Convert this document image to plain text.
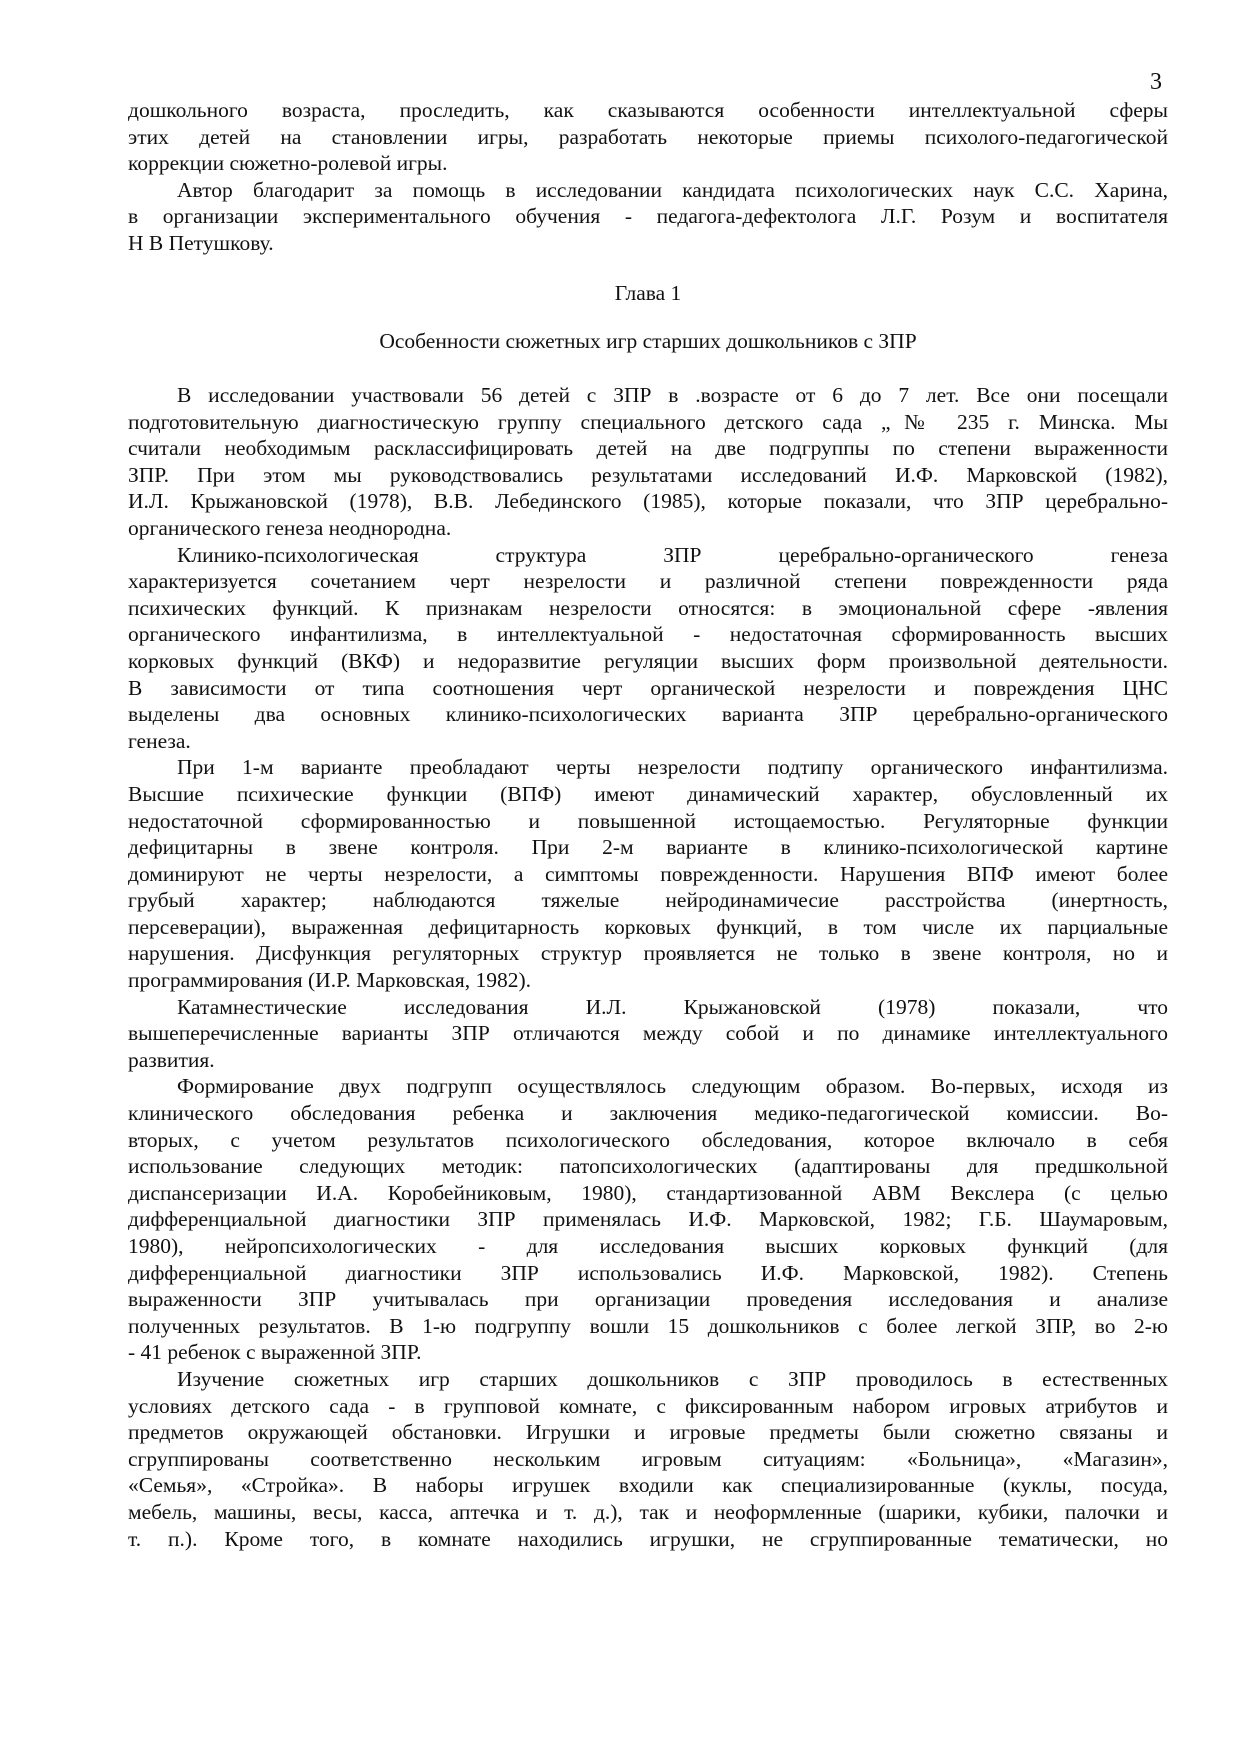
3
дошкольного возраста, проследить, как сказываются особенности интеллектуальной сферы
этих детей на становлении игры, разработать некоторые приемы психолого-педагогической
коррекции сюжетно-ролевой игры.
Автор благодарит за помощь в исследовании кандидата психологических наук С.С. Харина,
в организации экспериментального обучения - педагога-дефектолога Л.Г. Розум и воспитателя
Н В Петушкову.
Глава 1
Особенности сюжетных игр старших дошкольников с ЗПР
В исследовании участвовали 56 детей с ЗПР в .возрасте от 6 до 7 лет. Все они посещали
подготовительную диагностическую группу специального детского сада „№ 235 г. Минска. Мы
считали необходимым расклассифицировать детей на две подгруппы по степени выраженности
ЗПР. При этом мы руководствовались результатами исследований И.Ф. Марковской (1982),
И.Л. Крыжановской (1978), В.В. Лебединского (1985), которые показали, что ЗПР церебрально-
органического генеза неоднородна.
Клинико-психологическая структура ЗПР церебрально-органического генеза
характеризуется сочетанием черт незрелости и различной степени поврежденности ряда
психических функций. К признакам незрелости относятся: в эмоциональной сфере -явления
органического инфантилизма, в интеллектуальной - недостаточная сформированность высших
корковых функций (ВКФ) и недоразвитие регуляции высших форм произвольной деятельности.
В зависимости от типа соотношения черт органической незрелости и повреждения ЦНС
выделены два основных клинико-психологических варианта ЗПР церебрально-органического
генеза.
При 1-м варианте преобладают черты незрелости подтипу органического инфантилизма.
Высшие психические функции (ВПФ) имеют динамический характер, обусловленный их
недостаточной сформированностью и повышенной истощаемостью. Регуляторные функции
дефицитарны в звене контроля. При 2-м варианте в клинико-психологической картине
доминируют не черты незрелости, а симптомы поврежденности. Нарушения ВПФ имеют более
грубый характер; наблюдаются тяжелые нейродинамичесие расстройства (инертность,
персеверации), выраженная дефицитарность корковых функций, в том числе их парциальные
нарушения. Дисфункция регуляторных структур проявляется не только в звене контроля, но и
программирования (И.Р. Марковская, 1982).
Катамнестические исследования И.Л. Крыжановской (1978) показали, что
вышеперечисленные варианты ЗПР отличаются между собой и по динамике интеллектуального
развития.
Формирование двух подгрупп осуществлялось следующим образом. Во-первых, исходя из
клинического обследования ребенка и заключения медико-педагогической комиссии. Во-
вторых, с учетом результатов психологического обследования, которое включало в себя
использование следующих методик: патопсихологических (адаптированы для предшкольной
диспансеризации И.А. Коробейниковым, 1980), стандартизованной АВМ Векслера (с целью
дифференциальной диагностики ЗПР применялась И.Ф. Марковской, 1982; Г.Б. Шаумаровым,
1980), нейропсихологических - для исследования высших корковых функций (для
дифференциальной диагностики ЗПР использовались И.Ф. Марковской, 1982). Степень
выраженности ЗПР учитывалась при организации проведения исследования и анализе
полученных результатов. В 1-ю подгруппу вошли 15 дошкольников с более легкой ЗПР, во 2-ю
- 41 ребенок с выраженной ЗПР.
Изучение сюжетных игр старших дошкольников с ЗПР проводилось в естественных
условиях детского сада - в групповой комнате, с фиксированным набором игровых атрибутов и
предметов окружающей обстановки. Игрушки и игровые предметы были сюжетно связаны и
сгруппированы соответственно нескольким игровым ситуациям: «Больница», «Магазин»,
«Семья», «Стройка». В наборы игрушек входили как специализированные (куклы, посуда,
мебель, машины, весы, касса, аптечка и т. д.), так и неоформленные (шарики, кубики, палочки и
т. п.). Кроме того, в комнате находились игрушки, не сгруппированные тематически, но
